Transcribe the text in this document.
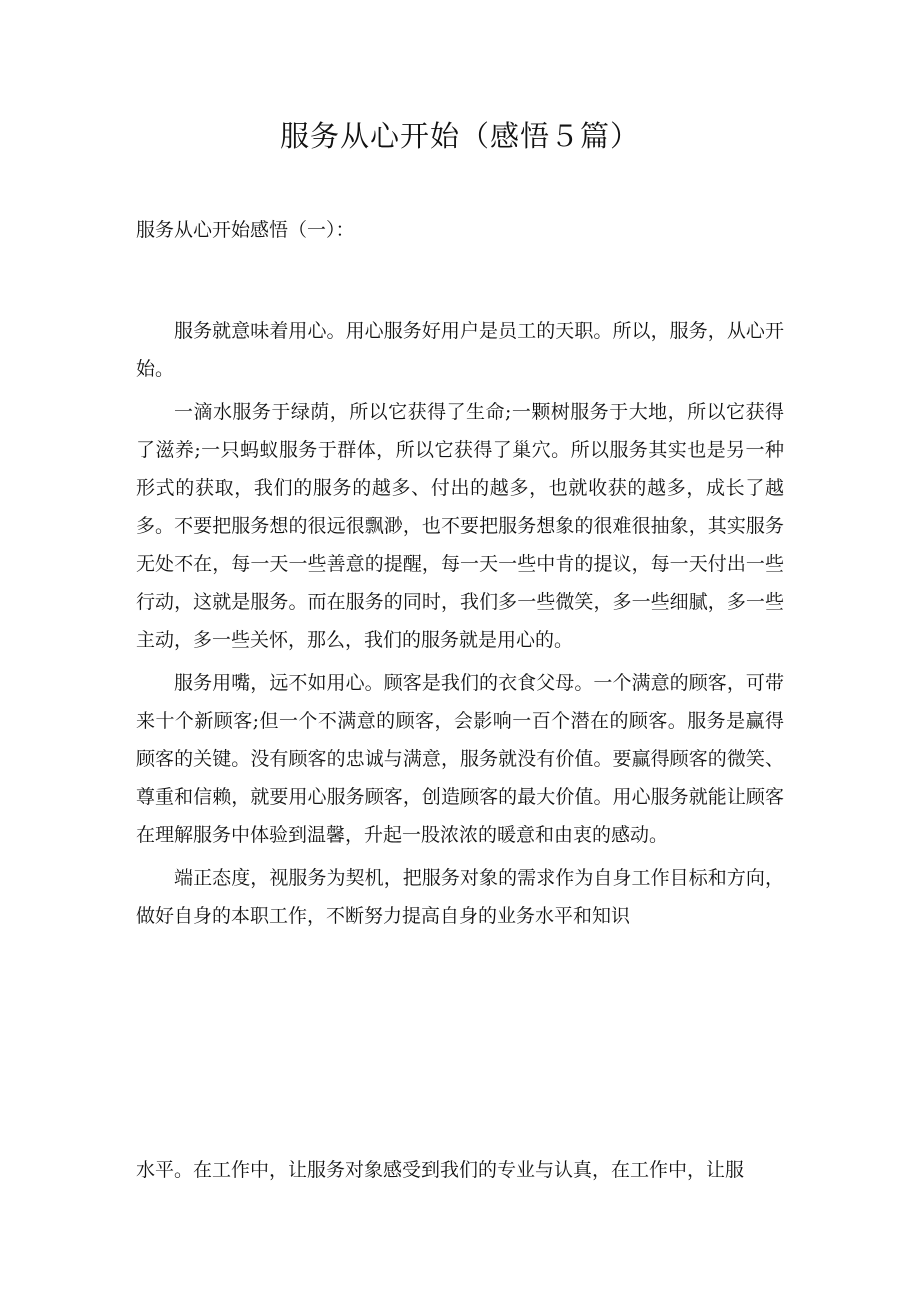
服务从心开始（感悟５篇）
服务从心开始感悟（一）：

服务就意味着用心。用心服务好用户是员工的天职。所以，服务，从心开始。

一滴水服务于绿荫，所以它获得了生命;一颗树服务于大地，所以它获得了滋养;一只蚂蚁服务于群体，所以它获得了巢穴。所以服务其实也是另一种形式的获取，我们的服务的越多、付出的越多，也就收获的越多，成长了越多。不要把服务想的很远很飘渺，也不要把服务想象的很难很抽象，其实服务无处不在，每一天一些善意的提醒，每一天一些中肯的提议，每一天付出一些行动，这就是服务。而在服务的同时，我们多一些微笑，多一些细腻，多一些主动，多一些关怀，那么，我们的服务就是用心的。

服务用嘴，远不如用心。顾客是我们的衣食父母。一个满意的顾客，可带来十个新顾客;但一个不满意的顾客，会影响一百个潜在的顾客。服务是赢得顾客的关键。没有顾客的忠诚与满意，服务就没有价值。要赢得顾客的微笑、尊重和信赖，就要用心服务顾客，创造顾客的最大价值。用心服务就能让顾客在理解服务中体验到温馨，升起一股浓浓的暖意和由衷的感动。

端正态度，视服务为契机，把服务对象的需求作为自身工作目标和方向，做好自身的本职工作，不断努力提高自身的业务水平和知识

水平。在工作中，让服务对象感受到我们的专业与认真，在工作中，让服
